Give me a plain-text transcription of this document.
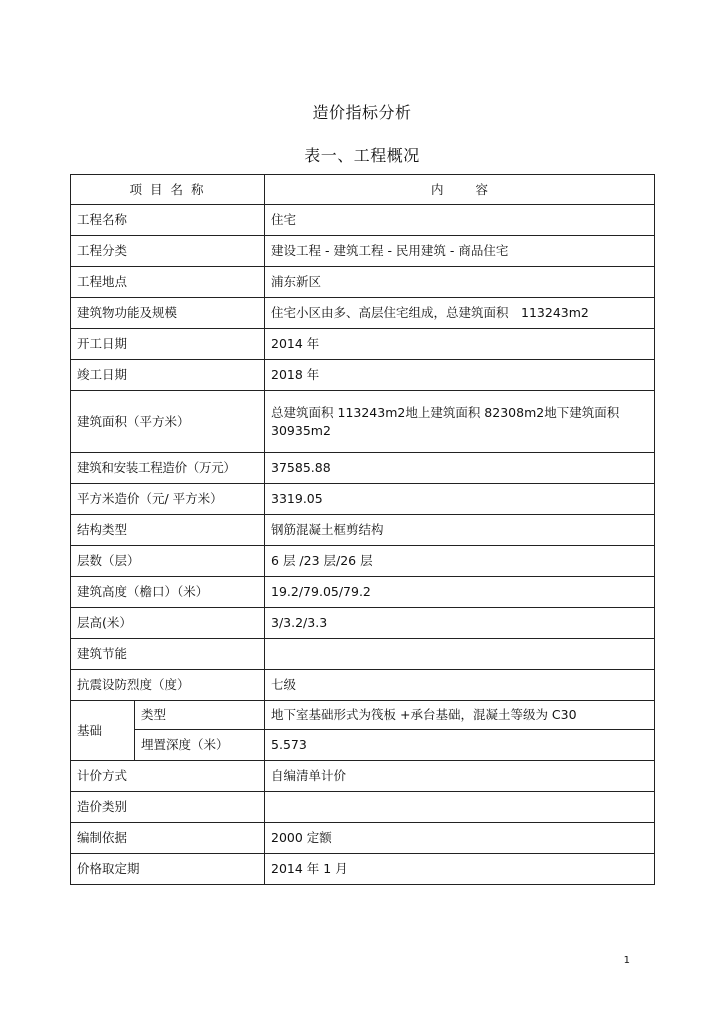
造价指标分析
表一、工程概况
项 目 名 称		内 容
工程名称		住宅
工程分类		建设工程 - 建筑工程 - 民用建筑 - 商品住宅
工程地点		浦东新区
建筑物功能及规模		住宅小区由多、高层住宅组成，总建筑面积　113243m2
开工日期		2014 年
竣工日期		2018 年
建筑面积（平方米）		总建筑面积 113243m2地上建筑面积 82308m2地下建筑面积 30935m2
建筑和安装工程造价（万元）		37585.88
平方米造价（元/ 平方米）		3319.05
结构类型		钢筋混凝土框剪结构
层数（层）		6 层 /23 层/26 层
建筑高度（檐口）（米）		19.2/79.05/79.2
层高(米）		3/3.2/3.3
建筑节能		
抗震设防烈度（度）		七级
基础	类型	地下室基础形式为筏板 +承台基础，混凝土等级为 C30
	埋置深度（米）	5.573
计价方式		自编清单计价
造价类别		
编制依据		2000 定额
价格取定期		2014 年 1 月
1
